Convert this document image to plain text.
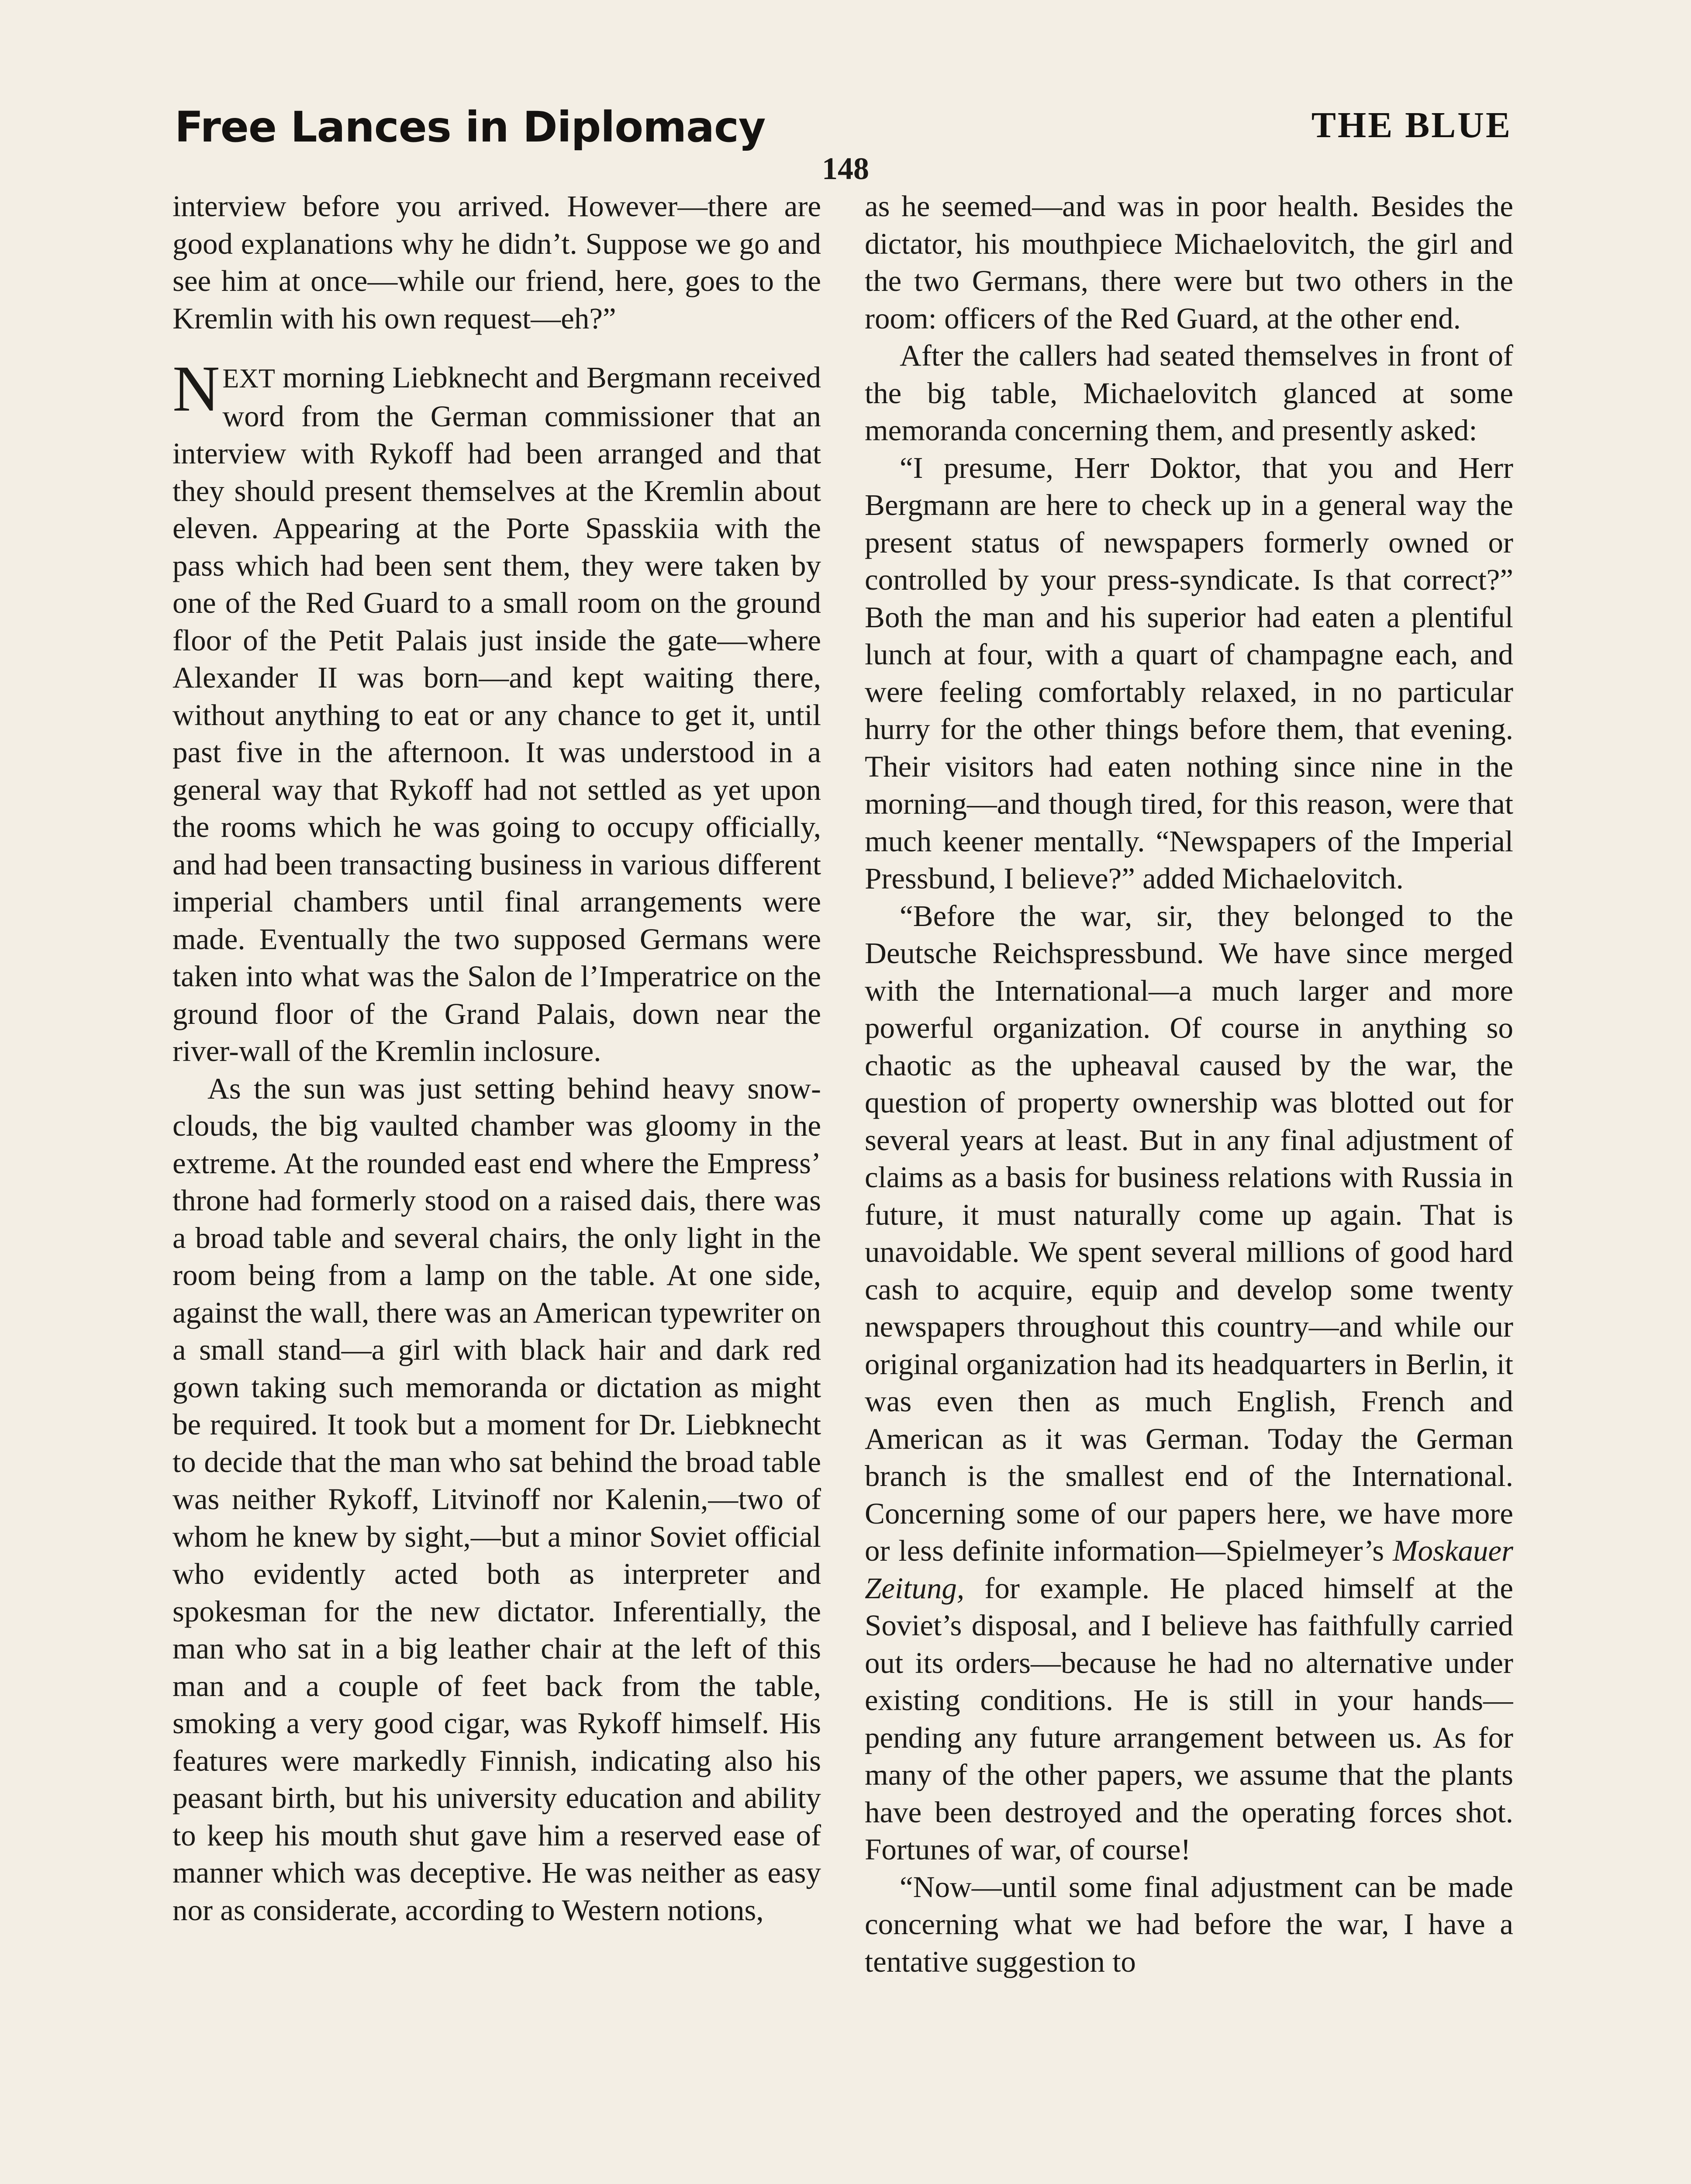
Free Lances in Diplomacy	THE BLUE
148

interview before you arrived. However—there are good explanations why he didn’t. Suppose we go and see him at once—while our friend, here, goes to the Kremlin with his own request—eh?”

NEXT morning Liebknecht and Bergmann received word from the German commissioner that an interview with Rykoff had been arranged and that they should present themselves at the Kremlin about eleven. Appearing at the Porte Spasskiia with the pass which had been sent them, they were taken by one of the Red Guard to a small room on the ground floor of the Petit Palais just inside the gate—where Alexander II was born—and kept waiting there, without anything to eat or any chance to get it, until past five in the afternoon. It was understood in a general way that Rykoff had not settled as yet upon the rooms which he was going to occupy officially, and had been transacting business in various different imperial chambers until final arrangements were made. Eventually the two supposed Germans were taken into what was the Salon de l’Imperatrice on the ground floor of the Grand Palais, down near the river-wall of the Kremlin inclosure.

As the sun was just setting behind heavy snow-clouds, the big vaulted chamber was gloomy in the extreme. At the rounded east end where the Empress’ throne had formerly stood on a raised dais, there was a broad table and several chairs, the only light in the room being from a lamp on the table. At one side, against the wall, there was an American typewriter on a small stand—a girl with black hair and dark red gown taking such memoranda or dictation as might be required. It took but a moment for Dr. Liebknecht to decide that the man who sat behind the broad table was neither Rykoff, Litvinoff nor Kalenin,—two of whom he knew by sight,—but a minor Soviet official who evidently acted both as interpreter and spokesman for the new dictator. Inferentially, the man who sat in a big leather chair at the left of this man and a couple of feet back from the table, smoking a very good cigar, was Rykoff himself. His features were markedly Finnish, indicating also his peasant birth, but his university education and ability to keep his mouth shut gave him a reserved ease of manner which was deceptive. He was neither as easy nor as considerate, according to Western notions,

as he seemed—and was in poor health. Besides the dictator, his mouthpiece Michaelovitch, the girl and the two Germans, there were but two others in the room: officers of the Red Guard, at the other end.

After the callers had seated themselves in front of the big table, Michaelovitch glanced at some memoranda concerning them, and presently asked:

“I presume, Herr Doktor, that you and Herr Bergmann are here to check up in a general way the present status of newspapers formerly owned or controlled by your press-syndicate. Is that correct?” Both the man and his superior had eaten a plentiful lunch at four, with a quart of champagne each, and were feeling comfortably relaxed, in no particular hurry for the other things before them, that evening. Their visitors had eaten nothing since nine in the morning—and though tired, for this reason, were that much keener mentally. “Newspapers of the Imperial Pressbund, I believe?” added Michaelovitch.

“Before the war, sir, they belonged to the Deutsche Reichspressbund. We have since merged with the International—a much larger and more powerful organization. Of course in anything so chaotic as the upheaval caused by the war, the question of property ownership was blotted out for several years at least. But in any final adjustment of claims as a basis for business relations with Russia in future, it must naturally come up again. That is unavoidable. We spent several millions of good hard cash to acquire, equip and develop some twenty newspapers throughout this country—and while our original organization had its headquarters in Berlin, it was even then as much English, French and American as it was German. Today the German branch is the smallest end of the International. Concerning some of our papers here, we have more or less definite information—Spielmeyer’s Moskauer Zeitung, for example. He placed himself at the Soviet’s disposal, and I believe has faithfully carried out its orders—because he had no alternative under existing conditions. He is still in your hands—pending any future arrangement between us. As for many of the other papers, we assume that the plants have been destroyed and the operating forces shot. Fortunes of war, of course!

“Now—until some final adjustment can be made concerning what we had before the war, I have a tentative suggestion to
